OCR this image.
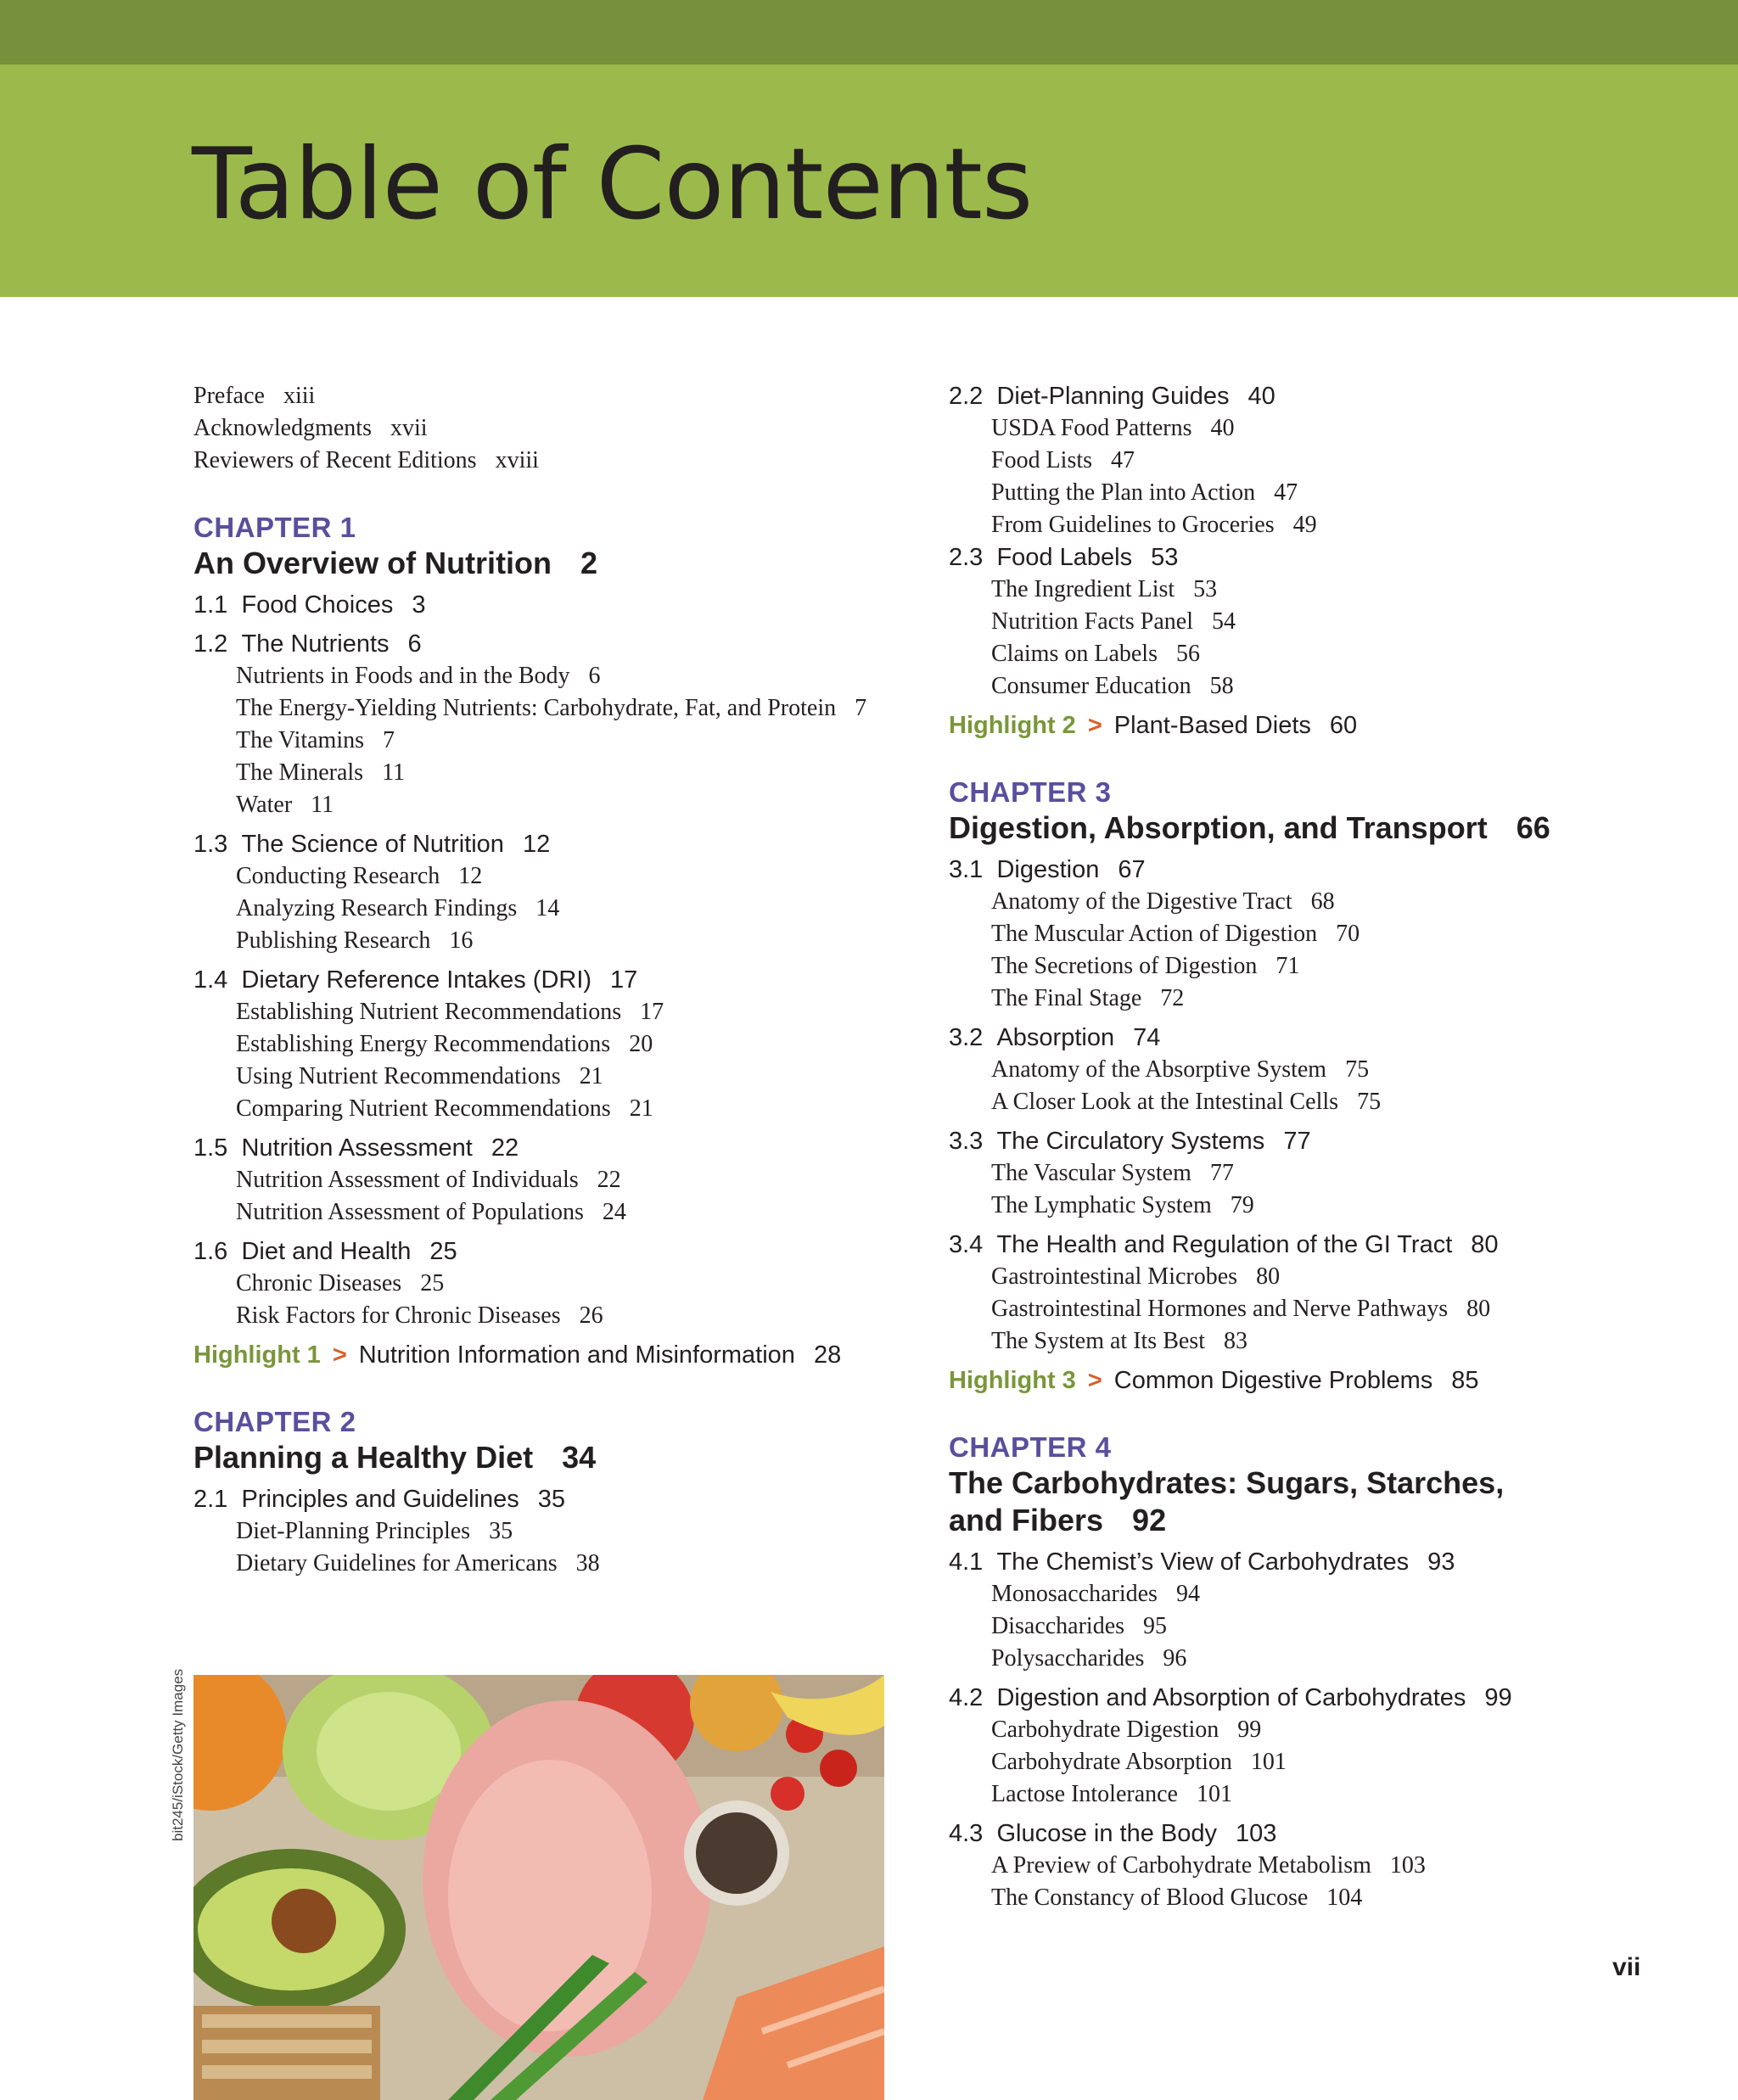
Table of Contents
Preface xiii
Acknowledgments xvii
Reviewers of Recent Editions xviii
CHAPTER 1
An Overview of Nutrition 2
1.1 Food Choices 3
1.2 The Nutrients 6
Nutrients in Foods and in the Body 6
The Energy-Yielding Nutrients: Carbohydrate, Fat, and Protein 7
The Vitamins 7
The Minerals 11
Water 11
1.3 The Science of Nutrition 12
Conducting Research 12
Analyzing Research Findings 14
Publishing Research 16
1.4 Dietary Reference Intakes (DRI) 17
Establishing Nutrient Recommendations 17
Establishing Energy Recommendations 20
Using Nutrient Recommendations 21
Comparing Nutrient Recommendations 21
1.5 Nutrition Assessment 22
Nutrition Assessment of Individuals 22
Nutrition Assessment of Populations 24
1.6 Diet and Health 25
Chronic Diseases 25
Risk Factors for Chronic Diseases 26
Highlight 1 > Nutrition Information and Misinformation 28
CHAPTER 2
Planning a Healthy Diet 34
2.1 Principles and Guidelines 35
Diet-Planning Principles 35
Dietary Guidelines for Americans 38
bit245/iStock/Getty Images
2.2 Diet-Planning Guides 40
USDA Food Patterns 40
Food Lists 47
Putting the Plan into Action 47
From Guidelines to Groceries 49
2.3 Food Labels 53
The Ingredient List 53
Nutrition Facts Panel 54
Claims on Labels 56
Consumer Education 58
Highlight 2 > Plant-Based Diets 60
CHAPTER 3
Digestion, Absorption, and Transport 66
3.1 Digestion 67
Anatomy of the Digestive Tract 68
The Muscular Action of Digestion 70
The Secretions of Digestion 71
The Final Stage 72
3.2 Absorption 74
Anatomy of the Absorptive System 75
A Closer Look at the Intestinal Cells 75
3.3 The Circulatory Systems 77
The Vascular System 77
The Lymphatic System 79
3.4 The Health and Regulation of the GI Tract 80
Gastrointestinal Microbes 80
Gastrointestinal Hormones and Nerve Pathways 80
The System at Its Best 83
Highlight 3 > Common Digestive Problems 85
CHAPTER 4
The Carbohydrates: Sugars, Starches,
and Fibers 92
4.1 The Chemist’s View of Carbohydrates 93
Monosaccharides 94
Disaccharides 95
Polysaccharides 96
4.2 Digestion and Absorption of Carbohydrates 99
Carbohydrate Digestion 99
Carbohydrate Absorption 101
Lactose Intolerance 101
4.3 Glucose in the Body 103
A Preview of Carbohydrate Metabolism 103
The Constancy of Blood Glucose 104
vii
